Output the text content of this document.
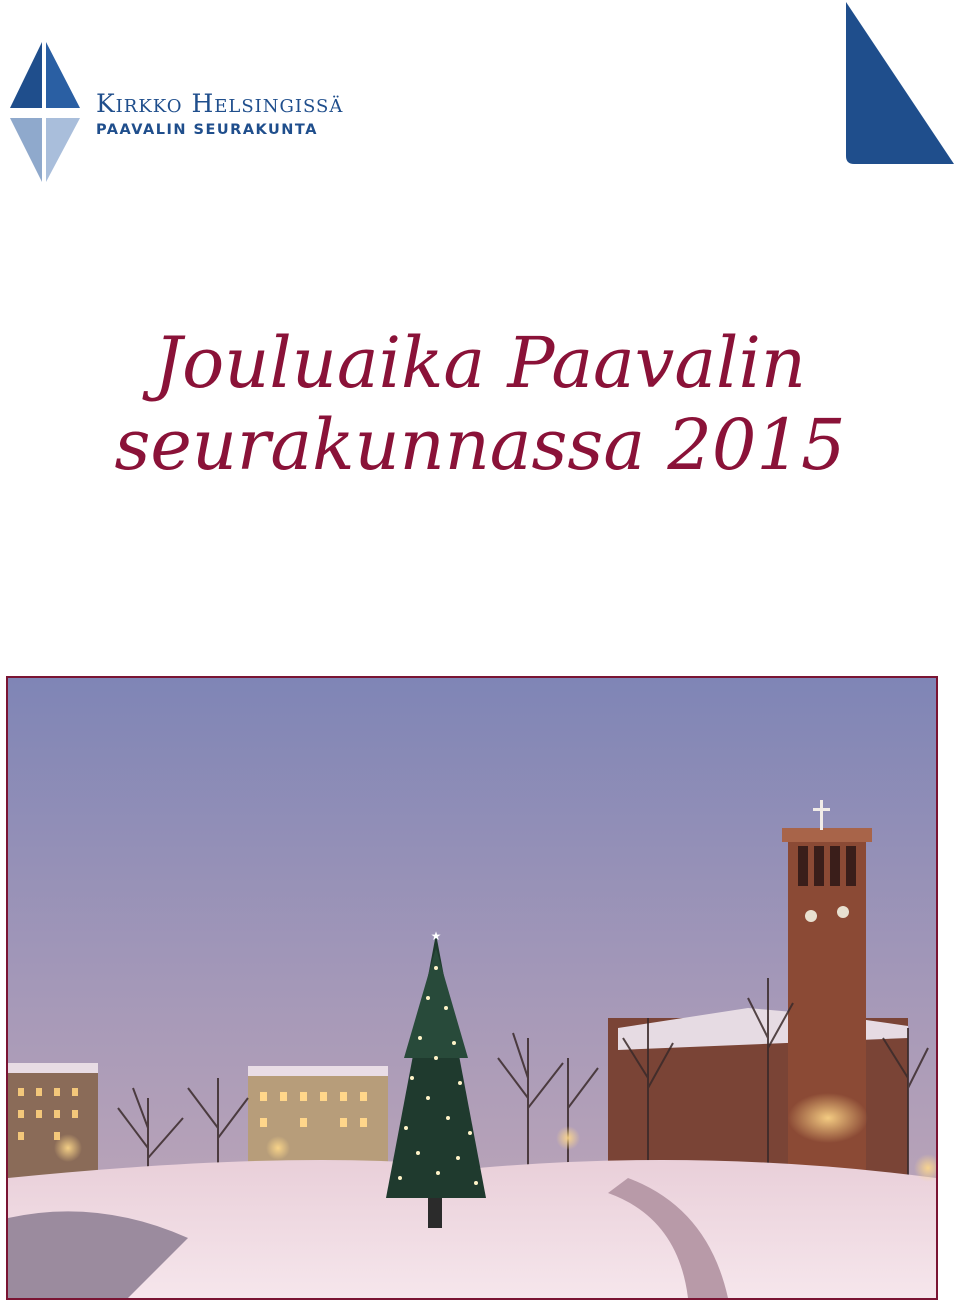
Kirkko Helsingissä
PAAVALIN SEURAKUNTA
Jouluaika Paavalin
seurakunnassa 2015
★
